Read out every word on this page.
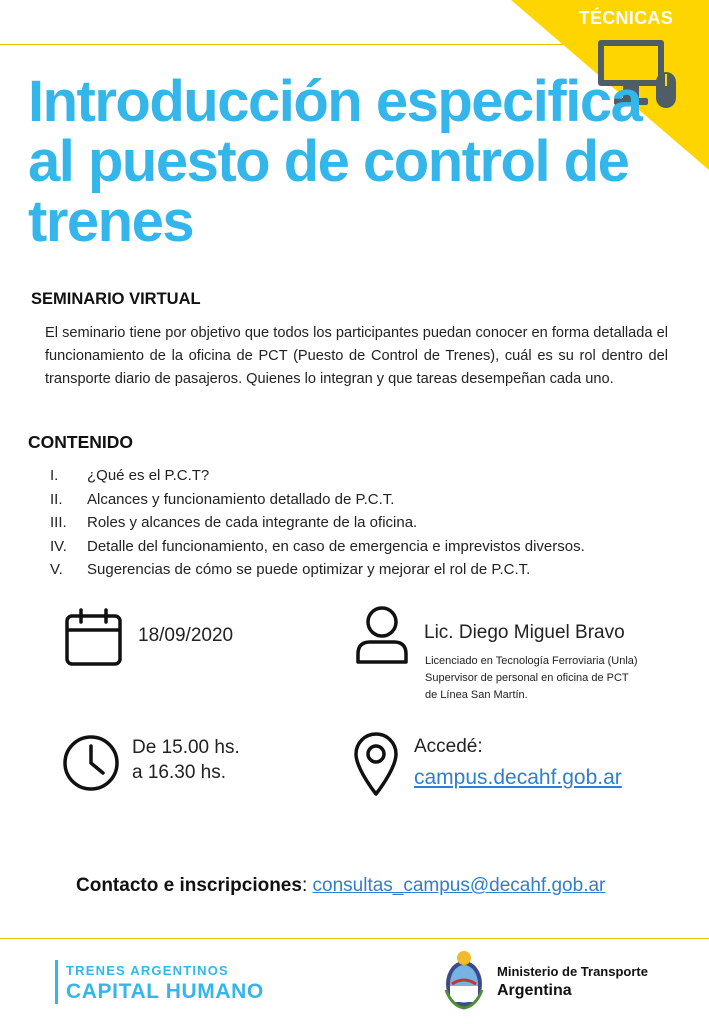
TÉCNICAS
Introducción especifica al puesto de control de trenes
SEMINARIO VIRTUAL

El seminario tiene por objetivo que todos los participantes puedan conocer en forma detallada el funcionamiento de la oficina de PCT (Puesto de Control de Trenes), cuál es su rol dentro del transporte diario de pasajeros. Quienes lo integran y que tareas desempeñan cada uno.

CONTENIDO
I. ¿Qué es el P.C.T?
II. Alcances y funcionamiento detallado de P.C.T.
III. Roles y alcances de cada integrante de la oficina.
IV. Detalle del funcionamiento, en caso de emergencia e imprevistos diversos.
V. Sugerencias de cómo se puede optimizar y mejorar el rol de P.C.T.
18/09/2020	Lic. Diego Miguel Bravo
Licenciado en Tecnología Ferroviaria (Unla)
Supervisor de personal en oficina de PCT
de Línea San Martín.
De 15.00 hs.
a 16.30 hs.
Accedé:
campus.decahf.gob.ar
Contacto e inscripciones: consultas_campus@decahf.gob.ar
TRENES ARGENTINOS
CAPITAL HUMANO
Ministerio de Transporte
Argentina
